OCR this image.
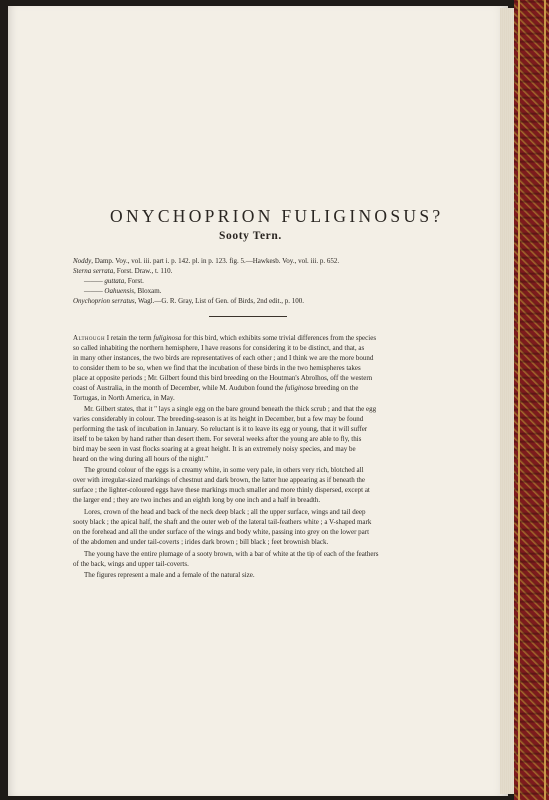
ONYCHOPRION FULIGINOSUS?
Sooty Tern.
Noddy, Damp. Voy., vol. iii. part i. p. 142. pl. in p. 123. fig. 5.—Hawkesb. Voy., vol. iii. p. 652.
Sterna serrata, Forst. Draw., t. 110.
——— guttata, Forst.
——— Oahuensis, Bloxam.
Onychoprion serratus, Wagl.—G. R. Gray, List of Gen. of Birds, 2nd edit., p. 100.
Although I retain the term fuliginosa for this bird, which exhibits some trivial differences from the species
so called inhabiting the northern hemisphere, I have reasons for considering it to be distinct, and that, as
in many other instances, the two birds are representatives of each other ; and I think we are the more bound
to consider them to be so, when we find that the incubation of these birds in the two hemispheres takes
place at opposite periods ; Mr. Gilbert found this bird breeding on the Houtman's Abrolhos, off the western
coast of Australia, in the month of December, while M. Audubon found the fuliginosa breeding on the
Tortugas, in North America, in May.
Mr. Gilbert states, that it " lays a single egg on the bare ground beneath the thick scrub ; and that the egg
varies considerably in colour. The breeding-season is at its height in December, but a few may be found
performing the task of incubation in January. So reluctant is it to leave its egg or young, that it will suffer
itself to be taken by hand rather than desert them. For several weeks after the young are able to fly, this
bird may be seen in vast flocks soaring at a great height. It is an extremely noisy species, and may be
heard on the wing during all hours of the night."
The ground colour of the eggs is a creamy white, in some very pale, in others very rich, blotched all
over with irregular-sized markings of chestnut and dark brown, the latter hue appearing as if beneath the
surface ; the lighter-coloured eggs have these markings much smaller and more thinly dispersed, except at
the larger end ; they are two inches and an eighth long by one inch and a half in breadth.
Lores, crown of the head and back of the neck deep black ; all the upper surface, wings and tail deep
sooty black ; the apical half, the shaft and the outer web of the lateral tail-feathers white ; a V-shaped mark
on the forehead and all the under surface of the wings and body white, passing into grey on the lower part
of the abdomen and under tail-coverts ; irides dark brown ; bill black ; feet brownish black.
The young have the entire plumage of a sooty brown, with a bar of white at the tip of each of the feathers
of the back, wings and upper tail-coverts.
The figures represent a male and a female of the natural size.
